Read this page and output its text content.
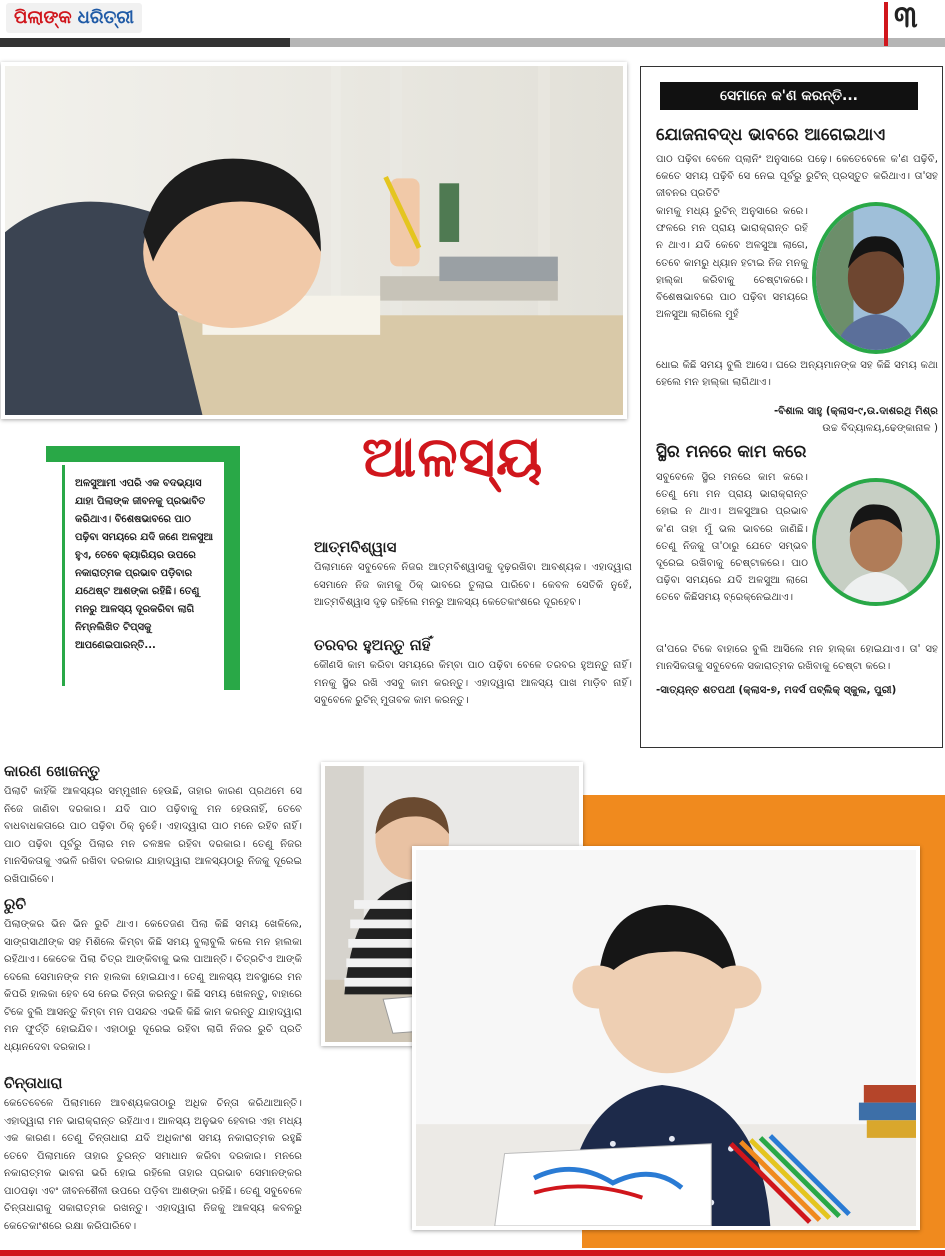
ପିଲାଙ୍କ ଧରିତ୍ରୀ	୩

ଅଳସୁଆମୀ ଏପରି ଏକ ବଦଭ୍ୟାସ ଯାହା ପିଲାଙ୍କ ଜୀବନକୁ ପ୍ରଭାବିତ କରିଥାଏ। ବିଶେଷଭାବରେ ପାଠ ପଢ଼ିବା ସମୟରେ ଯଦି ଜଣେ ଅଳସୁଆ ହୁଏ, ତେବେ କ୍ୟାରିୟର ଉପରେ ନକାରାତ୍ମକ ପ୍ରଭାବ ପଡ଼ିବାର ଯଥେଷ୍ଟ ଆଶଙ୍କା ରହିଛି। ତେଣୁ ମନରୁ ଆଳସ୍ୟ ଦୂରକରିବା ଲାଗି ନିମ୍ନଲିଖିତ ଟିପ୍ସକୁ ଆପଣେଇପାରନ୍ତି...

ଆଳସ୍ୟ
ଆତ୍ମବିଶ୍ୱାସ

ପିଲାମାନେ ସବୁବେଳେ ନିଜର ଆତ୍ମବିଶ୍ୱାସକୁ ଦୃଢ଼ରଖିବା ଆବଶ୍ୟକ। ଏହାଦ୍ୱାରା ସେମାନେ ନିଜ କାମକୁ ଠିକ୍ ଭାବରେ ତୁଲାଇ ପାରିବେ। କେବଳ ସେତିକି ନୁହେଁ, ଆତ୍ମବିଶ୍ୱାସ ଦୃଢ଼ ରହିଲେ ମନରୁ ଆଳସ୍ୟ କେତେକାଂଶରେ ଦୂରହେବ।

ତରବର ହୁଅନ୍ତୁ ନାହିଁ

କୌଣସି କାମ କରିବା ସମୟରେ କିମ୍ବା ପାଠ ପଢ଼ିବା ବେଳେ ତରବର ହୁଅନ୍ତୁ ନାହିଁ। ମନକୁ ସ୍ଥିର ରଖି ଏସବୁ କାମ କରନ୍ତୁ। ଏହାଦ୍ୱାରା ଆଳସ୍ୟ ପାଖ ମାଡ଼ିବ ନାହିଁ। ସବୁବେଳେ ରୁଟିନ୍ ମୁତାବକ କାମ କରନ୍ତୁ।

ସେମାନେ କ'ଣ କରନ୍ତି...
ଯୋଜନାବଦ୍ଧ ଭାବରେ ଆଗେଇଥାଏ
ପାଠ ପଢ଼ିବା ବେଳେ ପ୍ଲାନିଂ ଅନୁସାରେ ପଢ଼େ। କେତେବେଳେ କ'ଣ ପଢ଼ିବି, କେତେ ସମୟ ପଢ଼ିବି ସେ ନେଇ ପୂର୍ବରୁ ରୁଟିନ୍ ପ୍ରସ୍ତୁତ କରିଥାଏ। ତା'ସହ ଜୀବନର ପ୍ରତିଟି
କାମକୁ ମଧ୍ୟ ରୁଟିନ୍ ଅନୁସାରେ କରେ। ଫଳରେ ମନ ପ୍ରାୟ ଭାରାକ୍ରାନ୍ତ ରହି ନ ଥାଏ। ଯଦି କେବେ ଅଳସୁଆ ଲାଗେ, ତେବେ କାମରୁ ଧ୍ୟାନ ହଟାଇ ନିଜ ମନକୁ ହାଲ୍କା କରିବାକୁ ଚେଷ୍ଟାକରେ। ବିଶେଷଭାବରେ ପାଠ ପଢ଼ିବା ସମୟରେ ଅଳସୁଆ ଲାଗିଲେ ମୁହଁ
ଧୋଇ କିଛି ସମୟ ବୁଲି ଆସେ। ଘରେ ଅନ୍ୟମାନଙ୍କ ସହ କିଛି ସମୟ କଥା ହେଲେ ମନ ହାଲ୍କା ଲାଗିଥାଏ।
-ବିଶାଲ ସାହୁ (କ୍ଲାସ-୯,ଉ.ଦାଶରଥି ମିଶ୍ର
ଉଚ୍ଚ ବିଦ୍ୟାଳୟ,ଢେଙ୍କାନାଳ )
ସ୍ଥିର ମନରେ କାମ କରେ
ସବୁବେଳେ ସ୍ଥିର ମନରେ କାମ କରେ। ତେଣୁ ମୋ ମନ ପ୍ରାୟ ଭାରାକ୍ରାନ୍ତ ହୋଇ ନ ଥାଏ। ଅଳସୁଆର ପ୍ରଭାବ କ'ଣ ତାହା ମୁଁ ଭଲ ଭାବରେ ଜାଣିଛି। ତେଣୁ ନିଜକୁ ତା'ଠାରୁ ଯେତେ ସମ୍ଭବ ଦୂରେଇ ରଖିବାକୁ ଚେଷ୍ଟାକରେ। ପାଠ ପଢ଼ିବା ସମୟରେ ଯଦି ଅଳସୁଆ ଲାଗେ ତେବେ କିଛିସମୟ ବ୍ରେକ୍‌ନେଇଥାଏ।
ତା'ପରେ ଟିକେ ବାହାରେ ବୁଲି ଆସିଲେ ମନ ହାଲ୍କା ହୋଇଯାଏ। ତା' ସହ ମାନସିକତାକୁ ସବୁବେଳେ ସକାରାତ୍ମକ ରଖିବାକୁ ଚେଷ୍ଟା କରେ।
-ସାତ୍ୟନ୍ତ ଶତପଥୀ (କ୍ଲାସ-୭, ମଦର୍ସ ପବ୍ଲିକ୍ ସ୍କୁଲ, ପୁରୀ)
କାରଣ ଖୋଜନ୍ତୁ

ପିଲାଟି କାହିଁକି ଆଳସ୍ୟର ସମ୍ମୁଖୀନ ହେଉଛି, ତାହାର କାରଣ ପ୍ରଥମେ ସେ ନିଜେ ଜାଣିବା ଦରକାର। ଯଦି ପାଠ ପଢ଼ିବାକୁ ମନ ହେଉନାହିଁ, ତେବେ ବାଧବାଧକତାରେ ପାଠ ପଢ଼ିବା ଠିକ୍ ନୁହେଁ। ଏହାଦ୍ୱାରା ପାଠ ମନେ ରହିବ ନାହିଁ। ପାଠ ପଢ଼ିବା ପୂର୍ବରୁ ପିଲାର ମନ ଚଳଞ୍ଚଳ ରହିବା ଦରକାର। ତେଣୁ ନିଜର ମାନସିକତାକୁ ଏଭଳି ରଖିବା ଦରକାର ଯାହାଦ୍ୱାରା ଆଳସ୍ୟଠାରୁ ନିଜକୁ ଦୂରେଇ ରଖିପାରିବେ।

ରୁଚି

ପିଲାଙ୍କର ଭିନ ଭିନ ରୁଚି ଥାଏ। କେତେଜଣ ପିଲା କିଛି ସମୟ ଖେଳିଲେ, ସାଙ୍ଗସାଥୀଙ୍କ ସହ ମିଶିଲେ କିମ୍ବା କିଛି ସମୟ ବୁଲାବୁଲି କଲେ ମନ ହାଲକା ରହିଥାଏ। କେତେକ ପିଲା ଚିତ୍ର ଆଙ୍କିବାକୁ ଭଲ ପାଆନ୍ତି। ଚିତ୍ରଟିଏ ଆଙ୍କି ଦେଲେ ସେମାନଙ୍କ ମନ ହାଲକା ହୋଇଯାଏ। ତେଣୁ ଆଳସ୍ୟ ଅବସ୍ଥାରେ ମନ କିପରି ହାଲକା ହେବ ସେ ନେଇ ଚିନ୍ତା କରନ୍ତୁ। କିଛି ସମୟ ଖେଳନ୍ତୁ, ବାହାରେ ଟିକେ ବୁଲି ଆସନ୍ତୁ କିମ୍ବା ମନ ପସନ୍ଦର ଏଭଳି କିଛି କାମ କରନ୍ତୁ ଯାହାଦ୍ୱାରା ମନ ଫୁର୍ତ୍ତି ହୋଇଯିବ। ଏହାଠାରୁ ଦୂରେଇ ରହିବା ଲାଗି ନିଜର ରୁଚି ପ୍ରତି ଧ୍ୟାନଦେବା ଦରକାର।

ଚିନ୍ତାଧାରା

କେତେବେଳେ ପିଲାମାନେ ଆବଶ୍ୟକତାଠାରୁ ଅଧିକ ଚିନ୍ତା କରିଥାଆନ୍ତି। ଏହାଦ୍ୱାରା ମନ ଭାରାକ୍ରାନ୍ତ ରହିଥାଏ। ଆଳସ୍ୟ ଅନୁଭବ ହେବାର ଏହା ମଧ୍ୟ ଏକ କାରଣ। ତେଣୁ ଚିନ୍ତାଧାରା ଯଦି ଅଧିକାଂଶ ସମୟ ନକାରାତ୍ମକ ରହୁଛି ତେବେ ପିଲାମାନେ ତାହାର ତୁରନ୍ତ ସମାଧାନ କରିବା ଦରକାର। ମନରେ ନକାରାତ୍ମକ ଭାବନା ଭରି ହୋଇ ରହିଲେ ତାହାର ପ୍ରଭାବ ସେମାନଙ୍କର ପାଠପଢ଼ା ଏବଂ ଜୀବନଶୈଳୀ ଉପରେ ପଡ଼ିବା ଆଶଙ୍କା ରହିଛି। ତେଣୁ ସବୁବେଳେ ଚିନ୍ତାଧାରାକୁ ସକାରାତ୍ମକ ରଖନ୍ତୁ। ଏହାଦ୍ୱାରା ନିଜକୁ ଆଳସ୍ୟ କବଳରୁ କେତେକାଂଶରେ ରକ୍ଷା କରିପାରିବେ।
